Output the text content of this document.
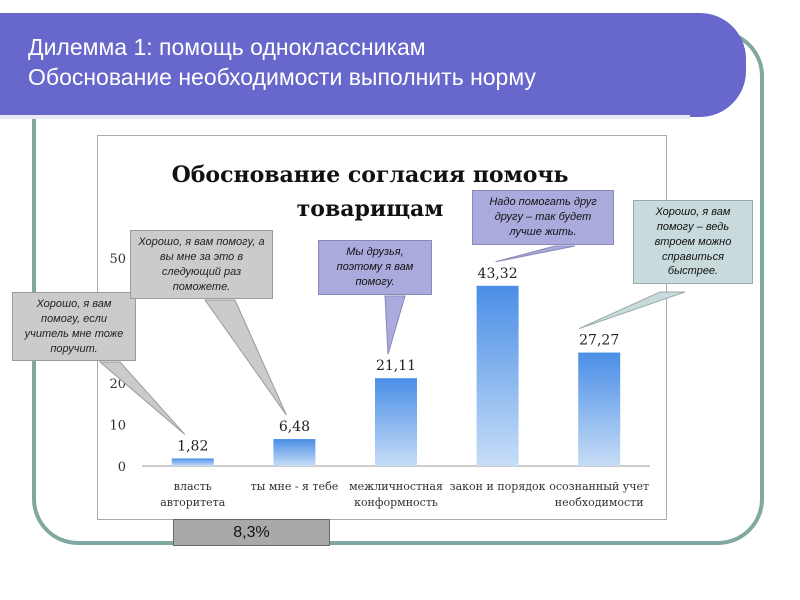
Дилемма 1: помощь одноклассникам
Обоснование необходимости выполнить норму
Обоснование согласия помочь
товарищам
0
10
20
50
1,82
власть
авторитета
6,48
ты мне - я тебе
21,11
межличностная
конформность
43,32
закон и порядок
27,27
осознанный учет
необходимости
Хорошо, я вам помогу, если учитель мне тоже поручит.
Хорошо, я вам помогу, а вы мне за это в следующий раз поможете.
Мы друзья, поэтому я вам помогу.
Надо помогать друг другу – так будет лучше жить.
Хорошо, я вам помогу – ведь втроем можно справиться быстрее.
8,3%
